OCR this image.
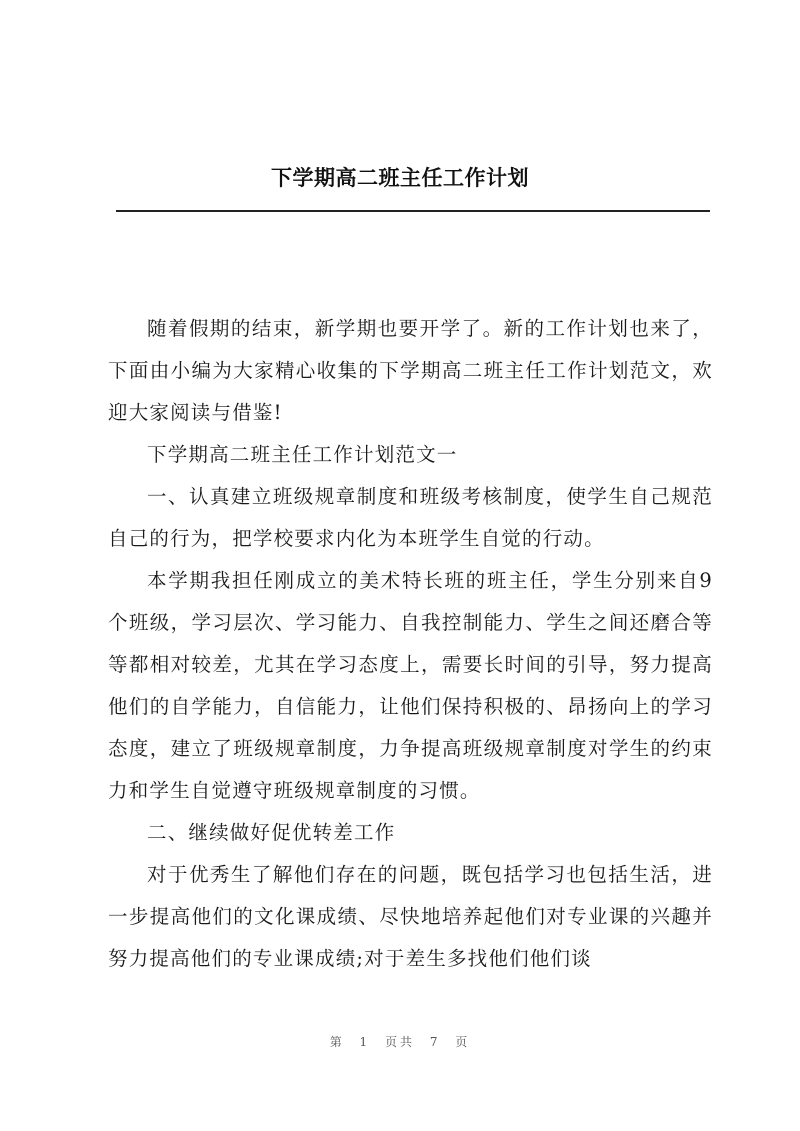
下学期高二班主任工作计划

随着假期的结束，新学期也要开学了。新的工作计划也来了，下面由小编为大家精心收集的下学期高二班主任工作计划范文，欢迎大家阅读与借鉴!

下学期高二班主任工作计划范文一

一、认真建立班级规章制度和班级考核制度，使学生自己规范自己的行为，把学校要求内化为本班学生自觉的行动。

本学期我担任刚成立的美术特长班的班主任，学生分别来自9个班级，学习层次、学习能力、自我控制能力、学生之间还磨合等等都相对较差，尤其在学习态度上，需要长时间的引导，努力提高他们的自学能力，自信能力，让他们保持积极的、昂扬向上的学习态度，建立了班级规章制度，力争提高班级规章制度对学生的约束力和学生自觉遵守班级规章制度的习惯。

二、继续做好促优转差工作

对于优秀生了解他们存在的问题，既包括学习也包括生活，进一步提高他们的文化课成绩、尽快地培养起他们对专业课的兴趣并努力提高他们的专业课成绩;对于差生多找他们他们谈

第 1 页共 7 页
